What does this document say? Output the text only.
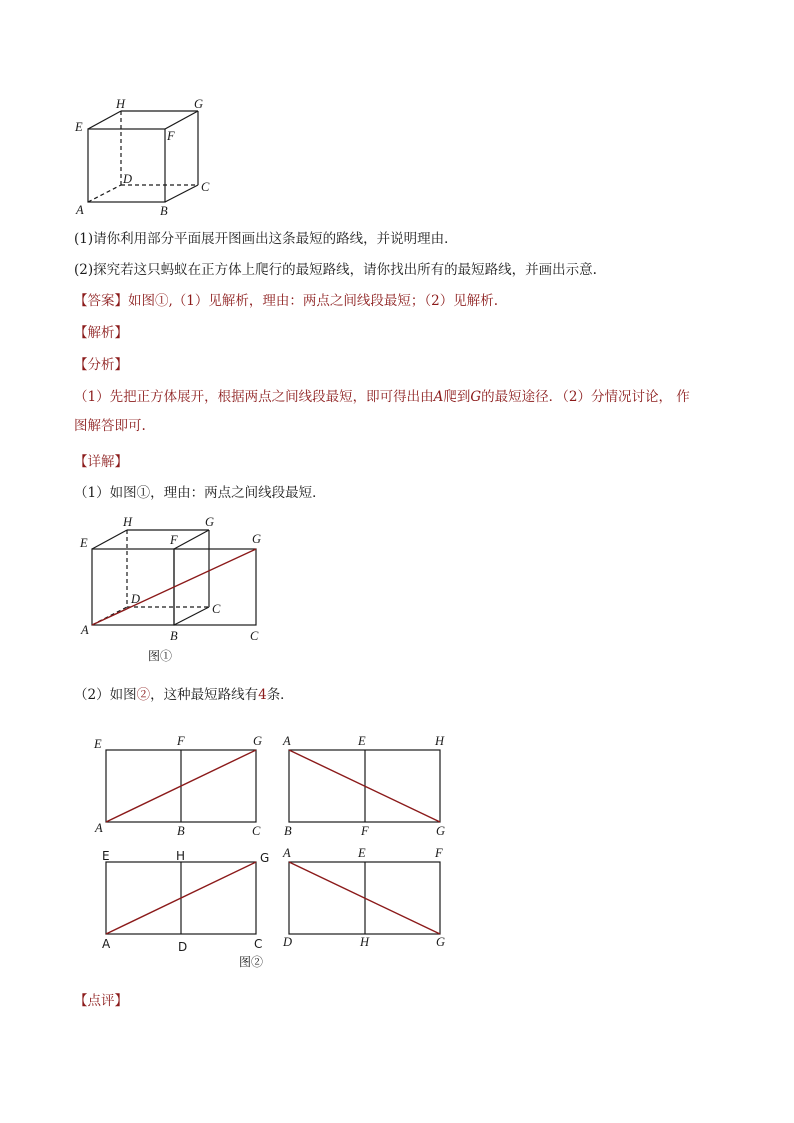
H	G
E
F
D
C
A	B
(1)请你利用部分平面展开图画出这条最短的路线，并说明理由．
(2)探究若这只蚂蚁在正方体上爬行的最短路线，请你找出所有的最短路线，并画出示意.
【答案】如图①,（1）见解析，理由：两点之间线段最短；（2）见解析.
【解析】
【分析】
（1）先把正方体展开，根据两点之间线段最短，即可得出由A爬到G的最短途径．（2）分情况讨论， 作
图解答即可.
【详解】
（1）如图①，理由：两点之间线段最短．
H	G
E	F	G
D
C
A	B	C
图①
（2）如图②，这种最短路线有4条．
E	F	G
A	B	C
A	E	H
B	F	G
E	H	G
A	D	C
A	E	F
D	H	G
图②
【点评】
